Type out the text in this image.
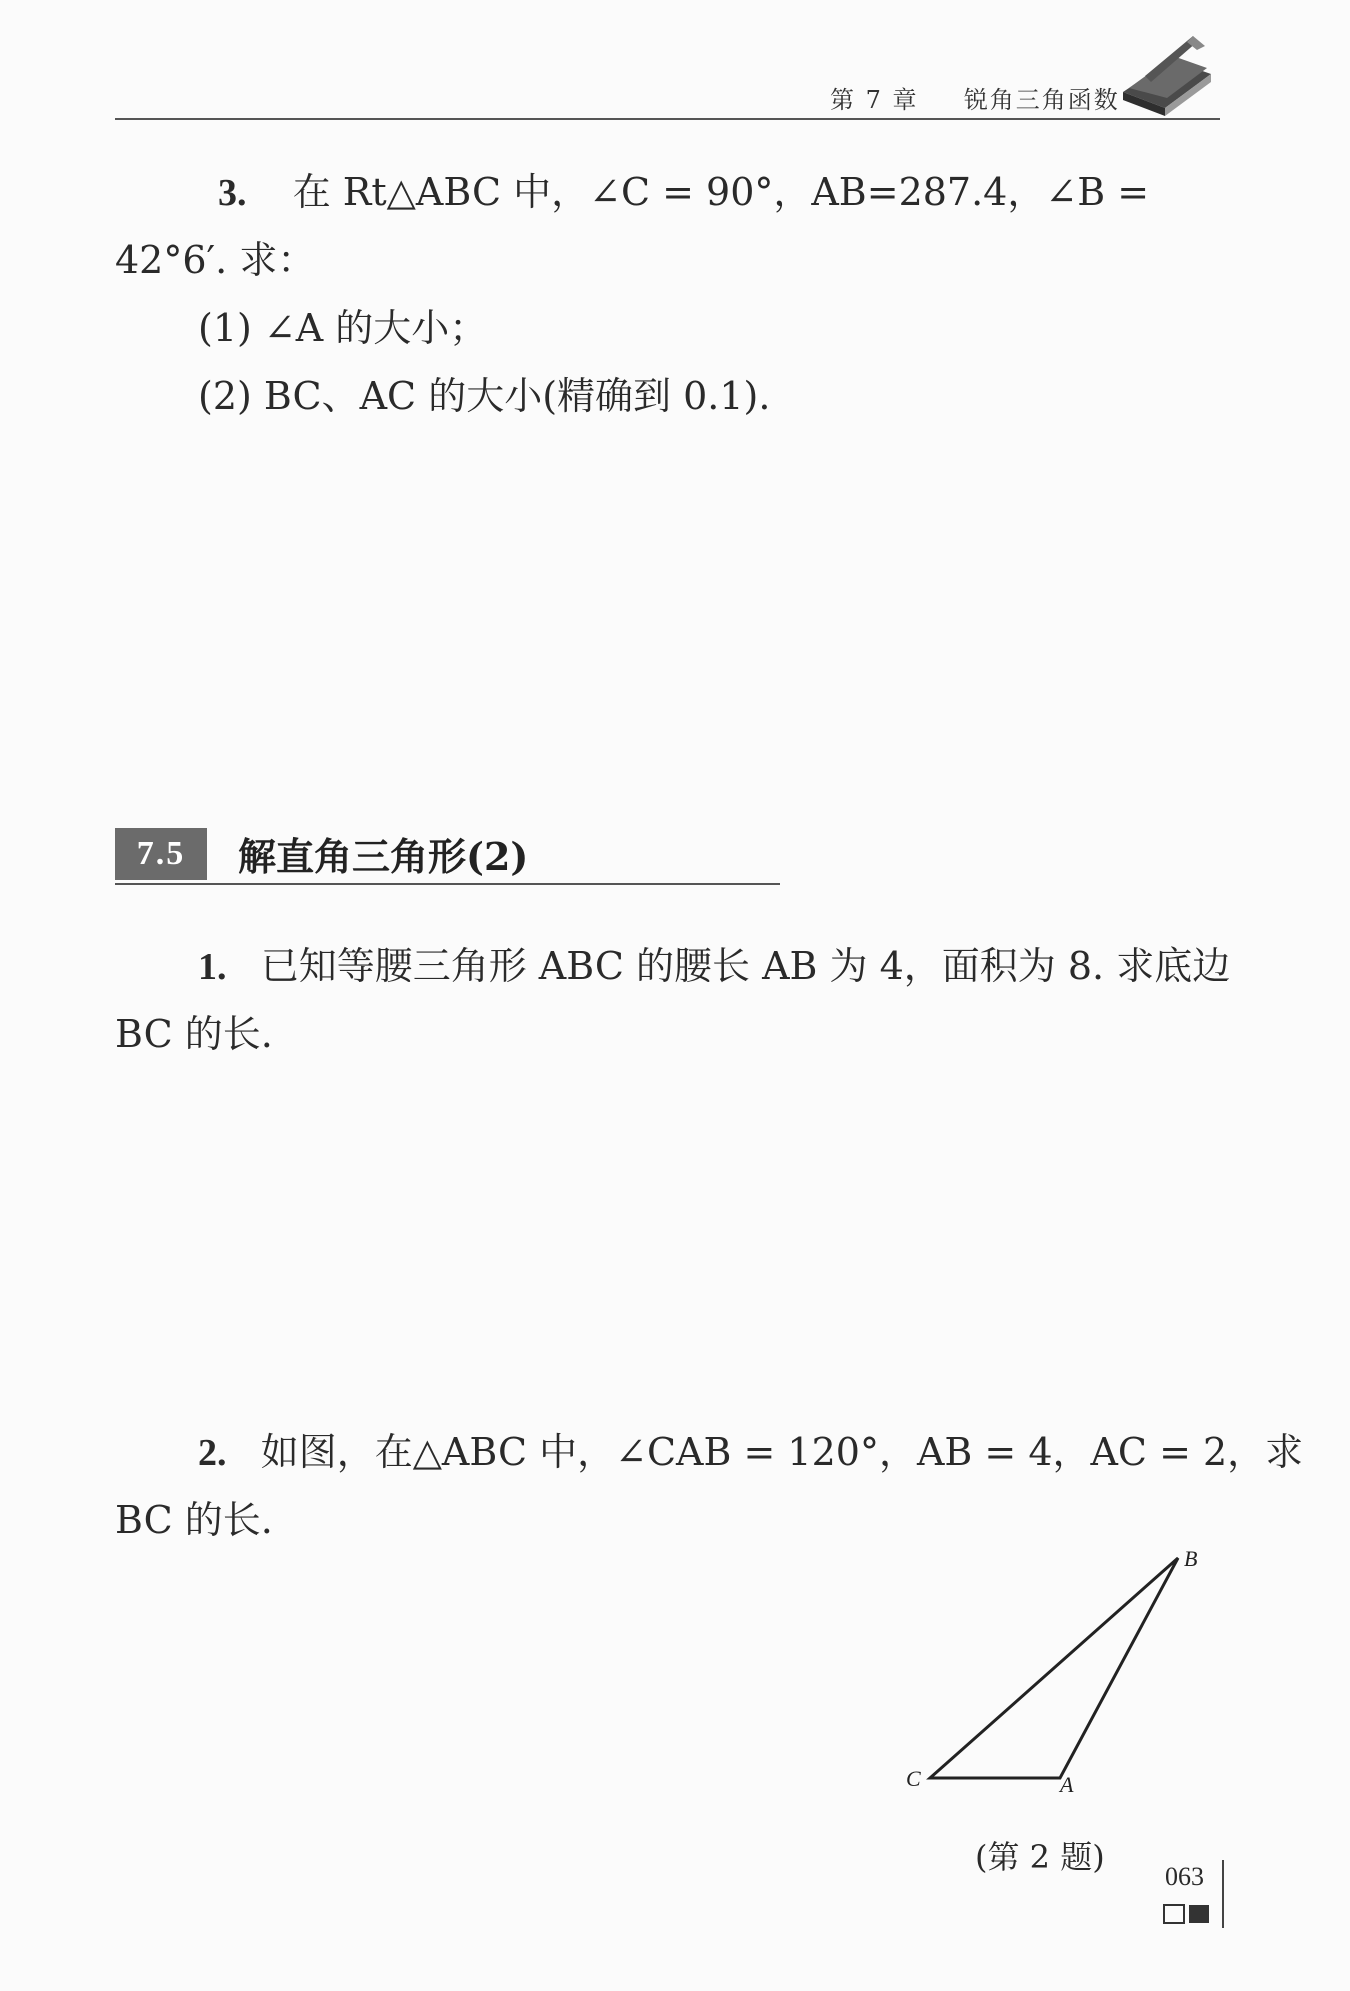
第 7 章 锐角三角函数
3. 在 Rt△ABC 中，∠C = 90°，AB=287.4，∠B =
42°6′. 求：
(1) ∠A 的大小；
(2) BC、AC 的大小(精确到 0.1).
7.5	解直角三角形(2)
1. 已知等腰三角形 ABC 的腰长 AB 为 4，面积为 8. 求底边
BC 的长.
2. 如图，在△ABC 中，∠CAB = 120°，AB = 4，AC = 2，求
BC 的长.
B
C	A
(第 2 题)
063
